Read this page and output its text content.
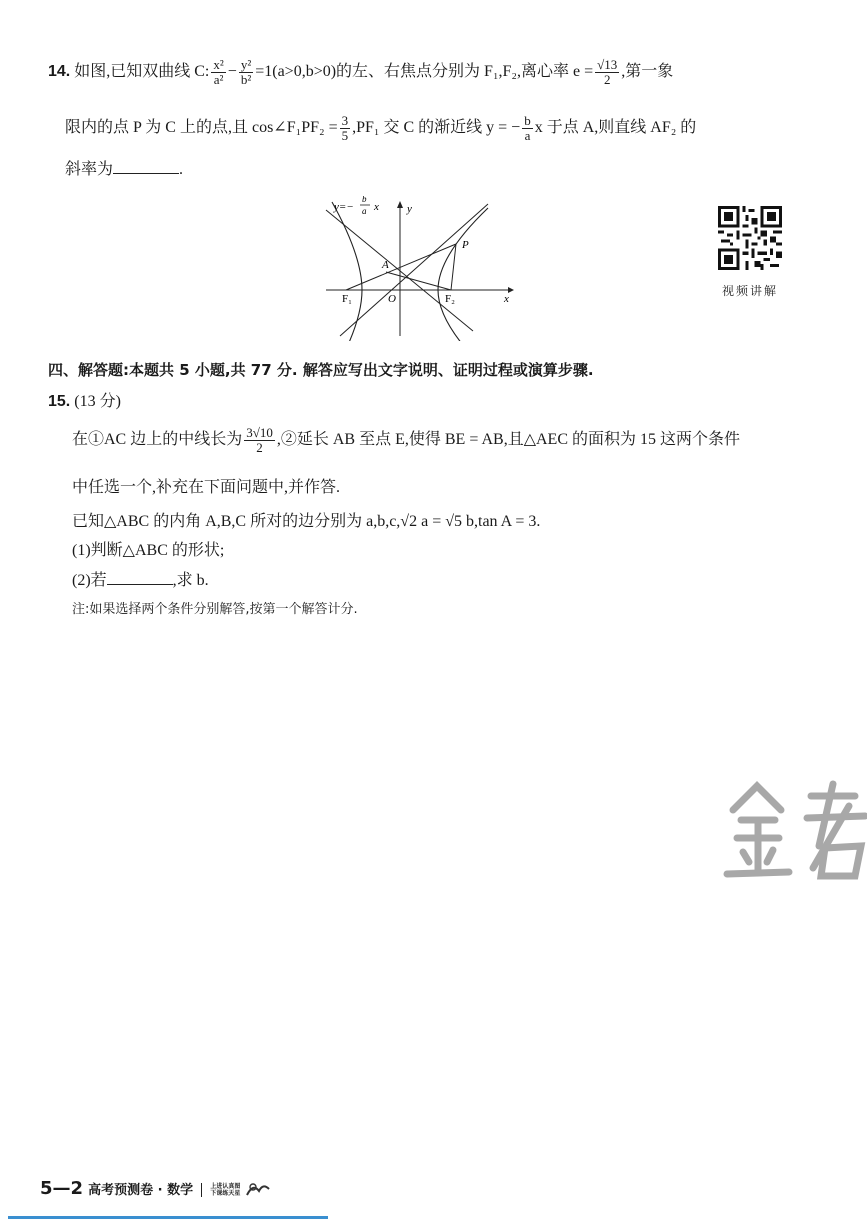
14. 如图,已知双曲线 C: $\frac{\text{x²}}{\text{a²}} - \frac{\text{y²}}{\text{b²}} =1(a>0,b>0)$的左、右焦点分别为 F₁,F₂,离心率 $e = \frac{√13}{2}$ ,第一象
限内的点 P 为 C 上的点,且 cos∠F₁PF₂ = $\frac{3}{5} ,PF_1$ 交 C 的渐近线 y = − $\frac{b}{a}$ x 于点 A,则直线 AF₂ 的
斜率为	.
y=−
b
a x	y
x
A
P
O
F₁	F₂
视频讲解
四、解答题:本题共 5 小题,共 77 分. 解答应写出文字说明、证明过程或演算步骤.
15. (13 分)
在①AC 边上的中线长为 $\frac{3√10}{2}$ ,②延长 AB 至点 E,使得 BE = AB,且△AEC 的面积为 15 这两个条件
中任选一个,补充在下面问题中,并作答.
已知△ABC 的内角 A,B,C 所对的边分别为 a,b,c,√2 a = √5 b,tan A = 3.
(1)判断△ABC 的形状;
(2)若	,求 b.
注:如果选择两个条件分别解答,按第一个解答计分.
5—2 高考预测卷 · 数学	上进认真图
下课练天星
